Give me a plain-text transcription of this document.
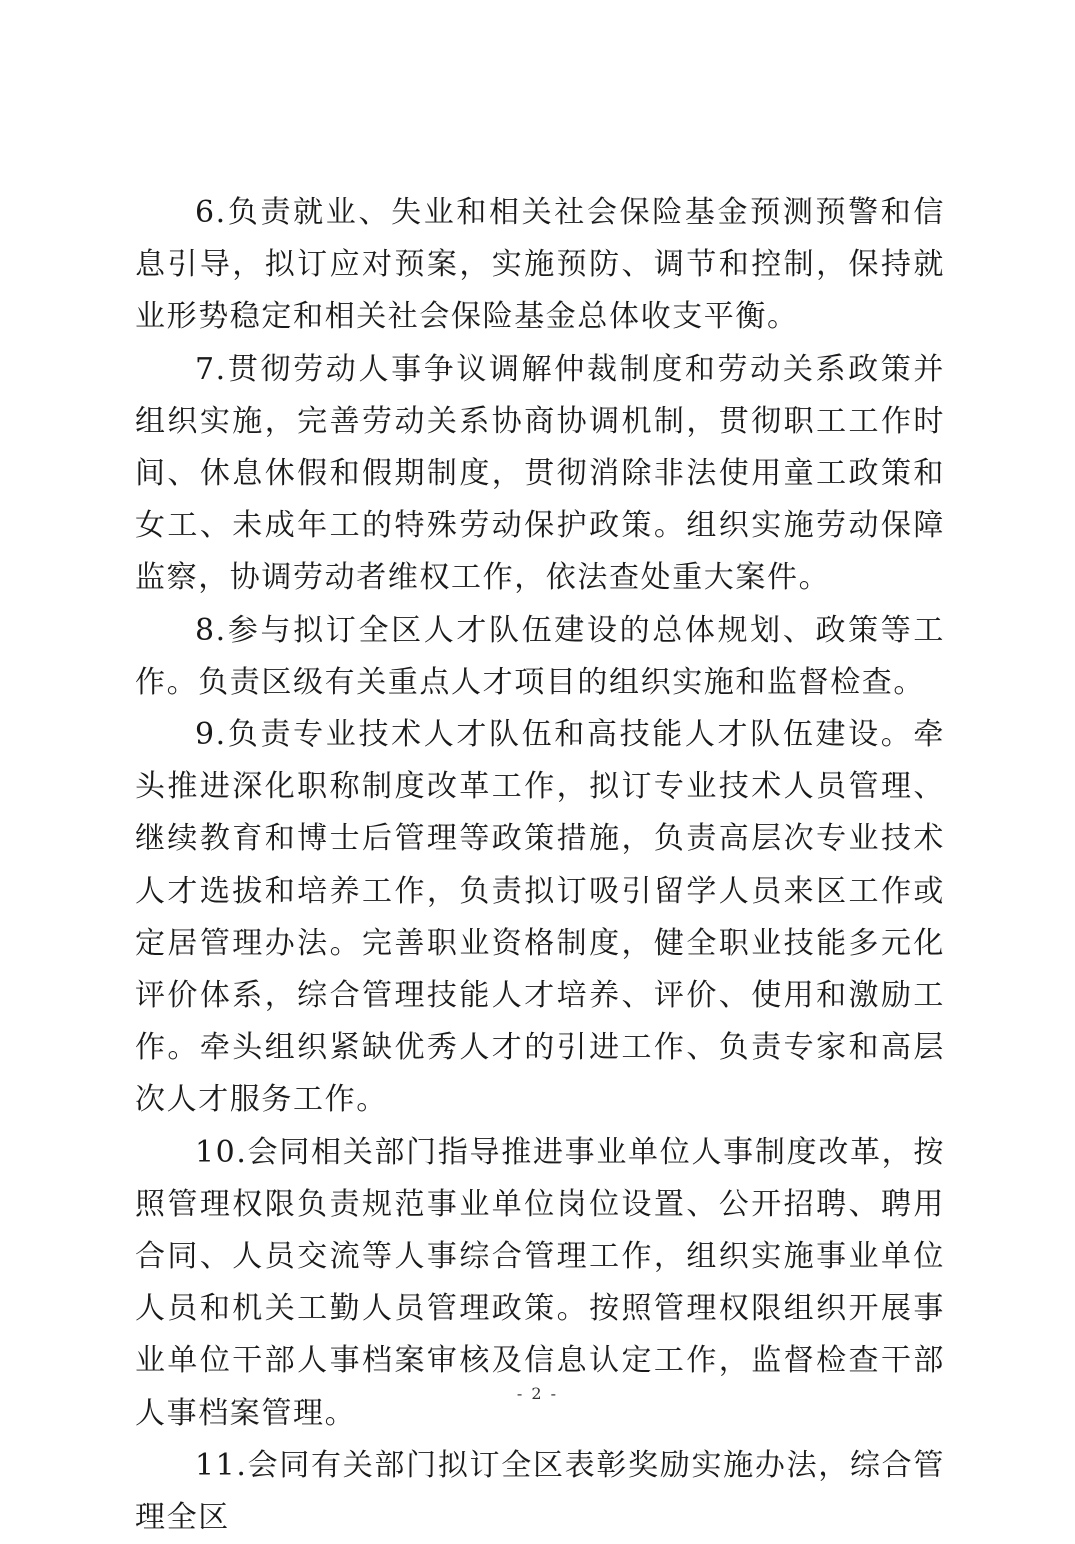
6.负责就业、失业和相关社会保险基金预测预警和信息引导，拟订应对预案，实施预防、调节和控制，保持就业形势稳定和相关社会保险基金总体收支平衡。

7.贯彻劳动人事争议调解仲裁制度和劳动关系政策并组织实施，完善劳动关系协商协调机制，贯彻职工工作时间、休息休假和假期制度，贯彻消除非法使用童工政策和女工、未成年工的特殊劳动保护政策。组织实施劳动保障监察，协调劳动者维权工作，依法查处重大案件。

8.参与拟订全区人才队伍建设的总体规划、政策等工作。负责区级有关重点人才项目的组织实施和监督检查。

9.负责专业技术人才队伍和高技能人才队伍建设。牵头推进深化职称制度改革工作，拟订专业技术人员管理、继续教育和博士后管理等政策措施，负责高层次专业技术人才选拔和培养工作，负责拟订吸引留学人员来区工作或定居管理办法。完善职业资格制度，健全职业技能多元化评价体系，综合管理技能人才培养、评价、使用和激励工作。牵头组织紧缺优秀人才的引进工作、负责专家和高层次人才服务工作。

10.会同相关部门指导推进事业单位人事制度改革，按照管理权限负责规范事业单位岗位设置、公开招聘、聘用合同、人员交流等人事综合管理工作，组织实施事业单位人员和机关工勤人员管理政策。按照管理权限组织开展事业单位干部人事档案审核及信息认定工作，监督检查干部人事档案管理。

11.会同有关部门拟订全区表彰奖励实施办法，综合管理全区

- 2 -
